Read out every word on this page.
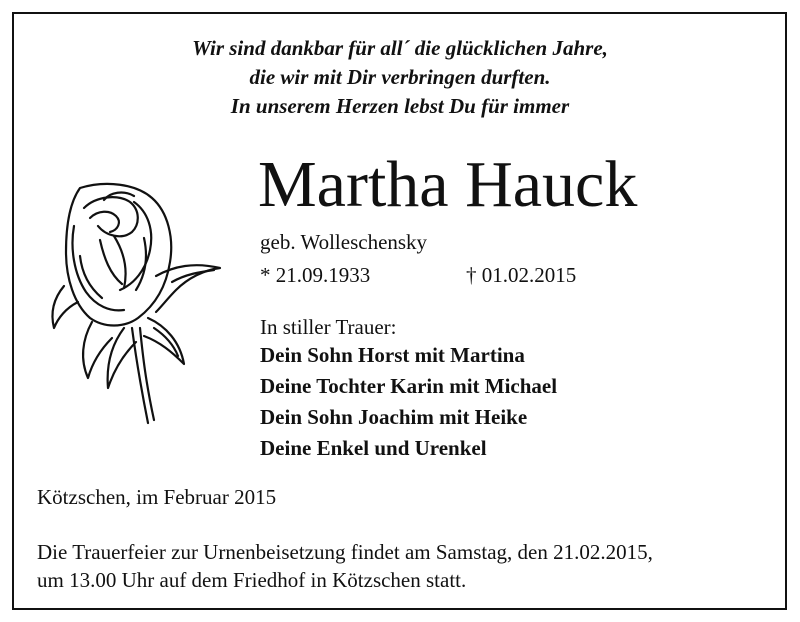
Wir sind dankbar für all´ die glücklichen Jahre,
die wir mit Dir verbringen durften.
In unserem Herzen lebst Du für immer
Martha Hauck
geb. Wolleschensky
* 21.09.1933	† 01.02.2015
In stiller Trauer:
Dein Sohn Horst mit Martina
Deine Tochter Karin mit Michael
Dein Sohn Joachim mit Heike
Deine Enkel und Urenkel
Kötzschen, im Februar 2015
Die Trauerfeier zur Urnenbeisetzung findet am Samstag, den 21.02.2015,
um 13.00 Uhr auf dem Friedhof in Kötzschen statt.
